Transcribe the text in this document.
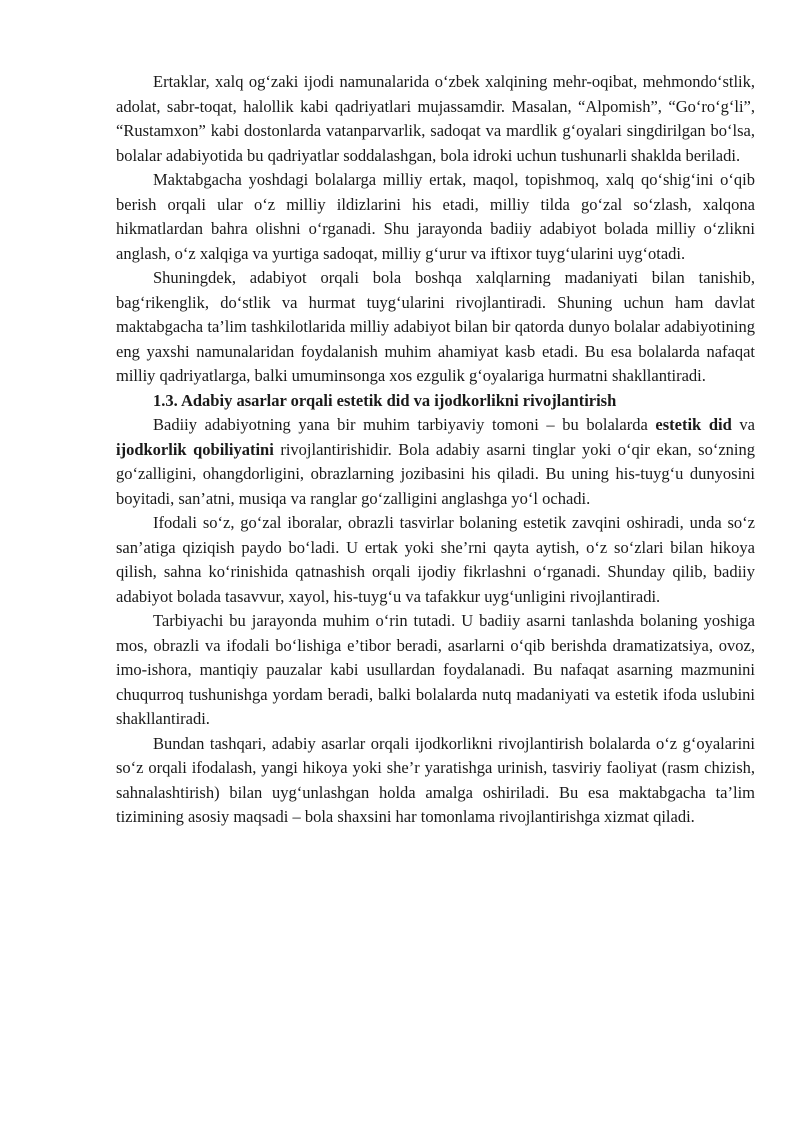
Ertaklar, xalq og‘zaki ijodi namunalarida o‘zbek xalqining mehr-oqibat, mehmondo‘stlik, adolat, sabr-toqat, halollik kabi qadriyatlari mujassamdir. Masalan, “Alpomish”, “Go‘ro‘g‘li”, “Rustamxon” kabi dostonlarda vatanparvarlik, sadoqat va mardlik g‘oyalari singdirilgan bo‘lsa, bolalar adabiyotida bu qadriyatlar soddalashgan, bola idroki uchun tushunarli shaklda beriladi.

Maktabgacha yoshdagi bolalarga milliy ertak, maqol, topishmoq, xalq qo‘shig‘ini o‘qib berish orqali ular o‘z milliy ildizlarini his etadi, milliy tilda go‘zal so‘zlash, xalqona hikmatlardan bahra olishni o‘rganadi. Shu jarayonda badiiy adabiyot bolada milliy o‘zlikni anglash, o‘z xalqiga va yurtiga sadoqat, milliy g‘urur va iftixor tuyg‘ularini uyg‘otadi.

Shuningdek, adabiyot orqali bola boshqa xalqlarning madaniyati bilan tanishib, bag‘rikenglik, do‘stlik va hurmat tuyg‘ularini rivojlantiradi. Shuning uchun ham davlat maktabgacha ta’lim tashkilotlarida milliy adabiyot bilan bir qatorda dunyo bolalar adabiyotining eng yaxshi namunalaridan foydalanish muhim ahamiyat kasb etadi. Bu esa bolalarda nafaqat milliy qadriyatlarga, balki umuminsonga xos ezgulik g‘oyalariga hurmatni shakllantiradi.

1.3. Adabiy asarlar orqali estetik did va ijodkorlikni rivojlantirish

Badiiy adabiyotning yana bir muhim tarbiyaviy tomoni – bu bolalarda estetik did va ijodkorlik qobiliyatini rivojlantirishidir. Bola adabiy asarni tinglar yoki o‘qir ekan, so‘zning go‘zalligini, ohangdorligini, obrazlarning jozibasini his qiladi. Bu uning his-tuyg‘u dunyosini boyitadi, san’atni, musiqa va ranglar go‘zalligini anglashga yo‘l ochadi.

Ifodali so‘z, go‘zal iboralar, obrazli tasvirlar bolaning estetik zavqini oshiradi, unda so‘z san’atiga qiziqish paydo bo‘ladi. U ertak yoki she’rni qayta aytish, o‘z so‘zlari bilan hikoya qilish, sahna ko‘rinishida qatnashish orqali ijodiy fikrlashni o‘rganadi. Shunday qilib, badiiy adabiyot bolada tasavvur, xayol, his-tuyg‘u va tafakkur uyg‘unligini rivojlantiradi.

Tarbiyachi bu jarayonda muhim o‘rin tutadi. U badiiy asarni tanlashda bolaning yoshiga mos, obrazli va ifodali bo‘lishiga e’tibor beradi, asarlarni o‘qib berishda dramatizatsiya, ovoz, imo-ishora, mantiqiy pauzalar kabi usullardan foydalanadi. Bu nafaqat asarning mazmunini chuqurroq tushunishga yordam beradi, balki bolalarda nutq madaniyati va estetik ifoda uslubini shakllantiradi.

Bundan tashqari, adabiy asarlar orqali ijodkorlikni rivojlantirish bolalarda o‘z g‘oyalarini so‘z orqali ifodalash, yangi hikoya yoki she’r yaratishga urinish, tasviriy faoliyat (rasm chizish, sahnalashtirish) bilan uyg‘unlashgan holda amalga oshiriladi. Bu esa maktabgacha ta’lim tizimining asosiy maqsadi – bola shaxsini har tomonlama rivojlantirishga xizmat qiladi.
